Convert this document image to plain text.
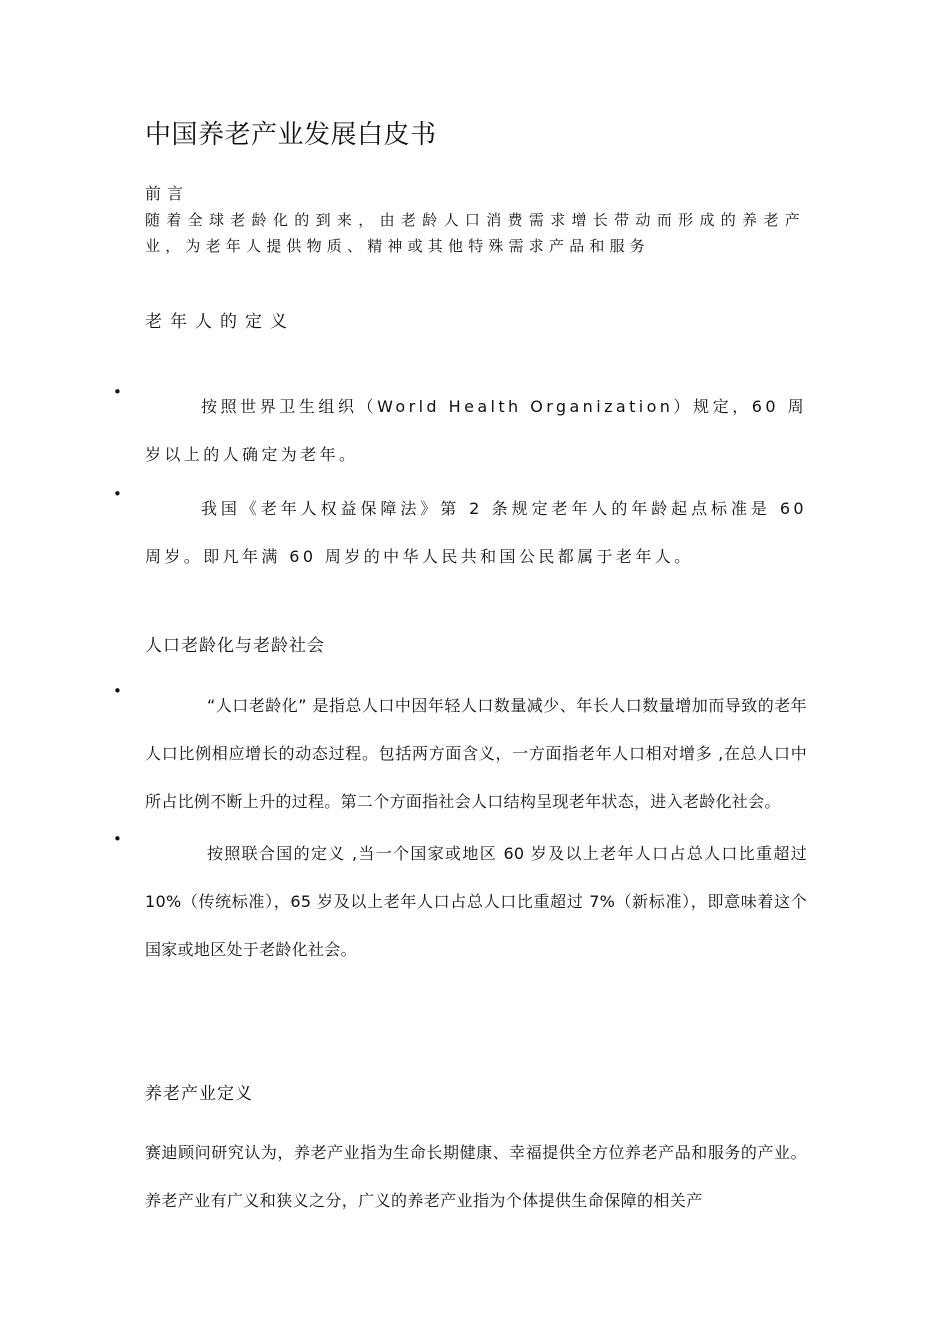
中国养老产业发展白皮书
前言
随着全球老龄化的到来，由老龄人口消费需求增长带动而形成的养老产业，为老年人提供物质、精神或其他特殊需求产品和服务
老年人的定义
•

按照世界卫生组织（World Health Organization）规定，60 周岁以上的人确定为老年。

•

我国《老年人权益保障法》第 2 条规定老年人的年龄起点标准是 60 周岁。即凡年满 60 周岁的中华人民共和国公民都属于老年人。

人口老龄化与老龄社会
•

“人口老龄化” 是指总人口中因年轻人口数量减少、年长人口数量增加而导致的老年人口比例相应增长的动态过程。包括两方面含义，一方面指老年人口相对增多 ,在总人口中所占比例不断上升的过程。第二个方面指社会人口结构呈现老年状态，进入老龄化社会。

•

按照联合国的定义 ,当一个国家或地区 60 岁及以上老年人口占总人口比重超过 10%（传统标准），65 岁及以上老年人口占总人口比重超过 7%（新标准），即意味着这个国家或地区处于老龄化社会。

养老产业定义

赛迪顾问研究认为，养老产业指为生命长期健康、幸福提供全方位养老产品和服务的产业。养老产业有广义和狭义之分，广义的养老产业指为个体提供生命保障的相关产
